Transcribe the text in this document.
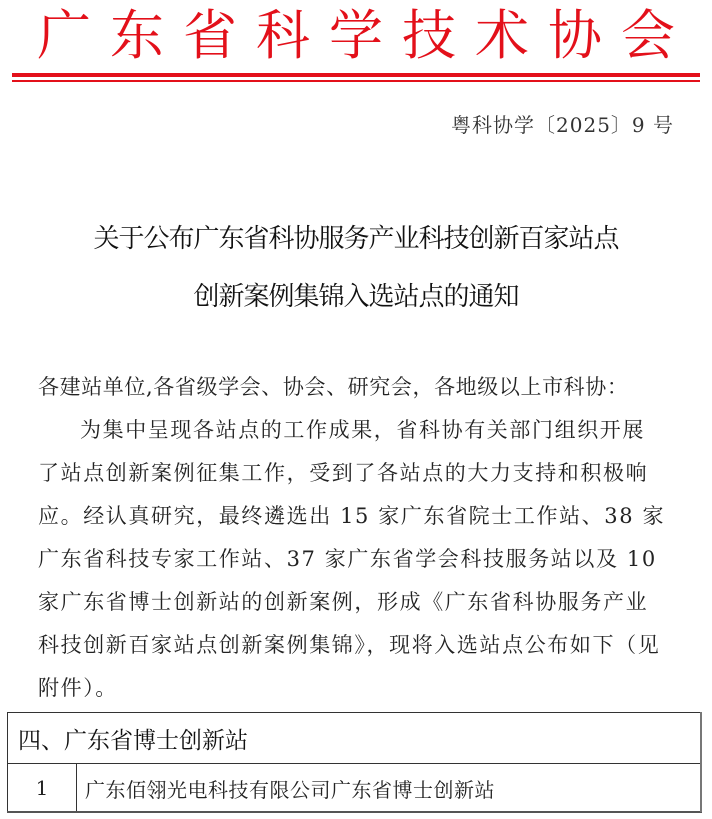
广东省科学技术协会
粤科协学〔2025〕9 号
关于公布广东省科协服务产业科技创新百家站点
创新案例集锦入选站点的通知
各建站单位,各省级学会、协会、研究会，各地级以上市科协：
为集中呈现各站点的工作成果，省科协有关部门组织开展
了站点创新案例征集工作，受到了各站点的大力支持和积极响
应。经认真研究，最终遴选出 15 家广东省院士工作站、38 家
广东省科技专家工作站、37 家广东省学会科技服务站以及 10
家广东省博士创新站的创新案例，形成《广东省科协服务产业
科技创新百家站点创新案例集锦》，现将入选站点公布如下（见
附件）。
四、广东省博士创新站
1	广东佰翎光电科技有限公司广东省博士创新站
